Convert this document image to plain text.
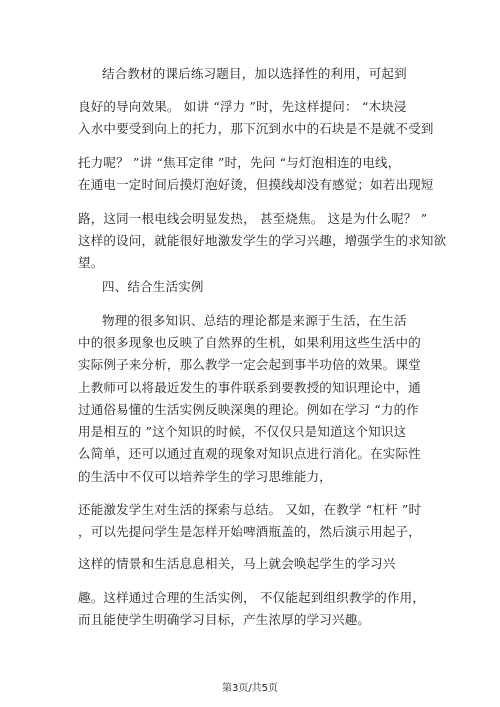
结合教材的课后练习题目，加以选择性的利用，可起到
良好的导向效果。 如讲 “浮力 ”时，先这样提问： “木块浸
入水中要受到向上的托力，那下沉到水中的石块是不是就不受到
托力呢？ ”讲 “焦耳定律 ”时，先问 “与灯泡相连的电线，
在通电一定时间后摸灯泡好烫，但摸线却没有感觉；如若出现短
路，这同一根电线会明显发热， 甚至烧焦。 这是为什么呢？ ”
这样的设问，就能很好地激发学生的学习兴趣，增强学生的求知欲
望。
四、结合生活实例
物理的很多知识、总结的理论都是来源于生活，在生活
中的很多现象也反映了自然界的生机，如果利用这些生活中的
实际例子来分析，那么教学一定会起到事半功倍的效果。课堂
上教师可以将最近发生的事件联系到要教授的知识理论中，通
过通俗易懂的生活实例反映深奥的理论。例如在学习 “力的作
用是相互的 ”这个知识的时候，不仅仅只是知道这个知识这
么简单，还可以通过直观的现象对知识点进行消化。在实际性
的生活中不仅可以培养学生的学习思维能力，
还能激发学生对生活的探索与总结。 又如，在教学 “杠杆 ”时
，可以先提问学生是怎样开始啤酒瓶盖的，然后演示用起子，
这样的情景和生活息息相关，马上就会唤起学生的学习兴
趣。这样通过合理的生活实例， 不仅能起到组织教学的作用，
而且能使学生明确学习目标，产生浓厚的学习兴趣。
第3页/共5页
